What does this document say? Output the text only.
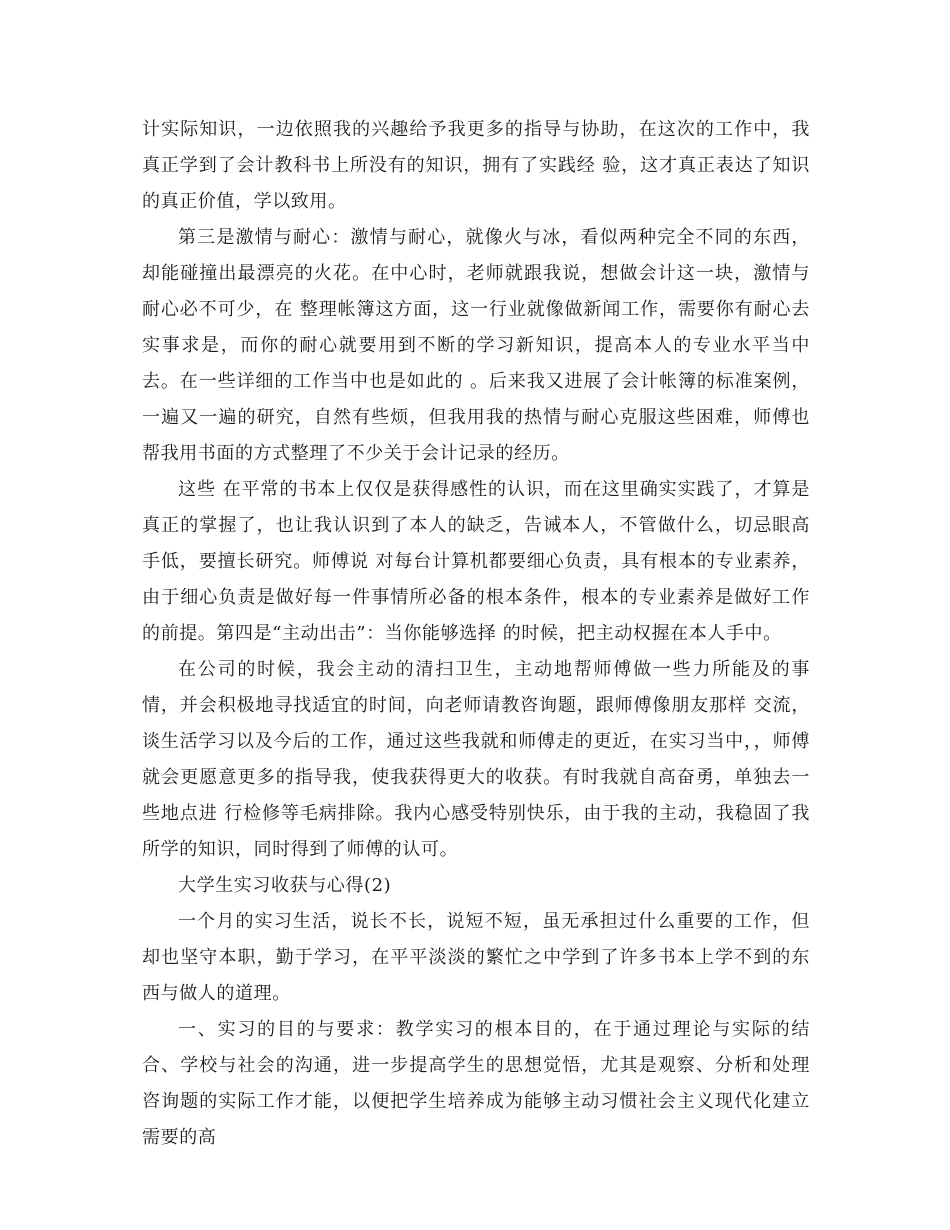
计实际知识，一边依照我的兴趣给予我更多的指导与协助，在这次的工作中，我真正学到了会计教科书上所没有的知识，拥有了实践经 验，这才真正表达了知识的真正价值，学以致用。

第三是激情与耐心：激情与耐心，就像火与冰，看似两种完全不同的东西，却能碰撞出最漂亮的火花。在中心时，老师就跟我说，想做会计这一块，激情与耐心必不可少，在 整理帐簿这方面，这一行业就像做新闻工作，需要你有耐心去实事求是，而你的耐心就要用到不断的学习新知识，提高本人的专业水平当中去。在一些详细的工作当中也是如此的 。后来我又进展了会计帐簿的标准案例，一遍又一遍的研究，自然有些烦，但我用我的热情与耐心克服这些困难，师傅也帮我用书面的方式整理了不少关于会计记录的经历。

这些 在平常的书本上仅仅是获得感性的认识，而在这里确实实践了，才算是真正的掌握了，也让我认识到了本人的缺乏，告诫本人，不管做什么，切忌眼高手低，要擅长研究。师傅说 对每台计算机都要细心负责，具有根本的专业素养，由于细心负责是做好每一件事情所必备的根本条件，根本的专业素养是做好工作的前提。第四是“主动出击”：当你能够选择 的时候，把主动权握在本人手中。

在公司的时候，我会主动的清扫卫生，主动地帮师傅做一些力所能及的事情，并会积极地寻找适宜的时间，向老师请教咨询题，跟师傅像朋友那样 交流，谈生活学习以及今后的工作，通过这些我就和师傅走的更近，在实习当中，，师傅就会更愿意更多的指导我，使我获得更大的收获。有时我就自高奋勇，单独去一些地点进 行检修等毛病排除。我内心感受特别快乐，由于我的主动，我稳固了我所学的知识，同时得到了师傅的认可。

大学生实习收获与心得(2)

一个月的实习生活，说长不长，说短不短，虽无承担过什么重要的工作，但却也坚守本职，勤于学习，在平平淡淡的繁忙之中学到了许多书本上学不到的东西与做人的道理。

一、实习的目的与要求：教学实习的根本目的，在于通过理论与实际的结合、学校与社会的沟通，进一步提高学生的思想觉悟，尤其是观察、分析和处理咨询题的实际工作才能，以便把学生培养成为能够主动习惯社会主义现代化建立需要的高
